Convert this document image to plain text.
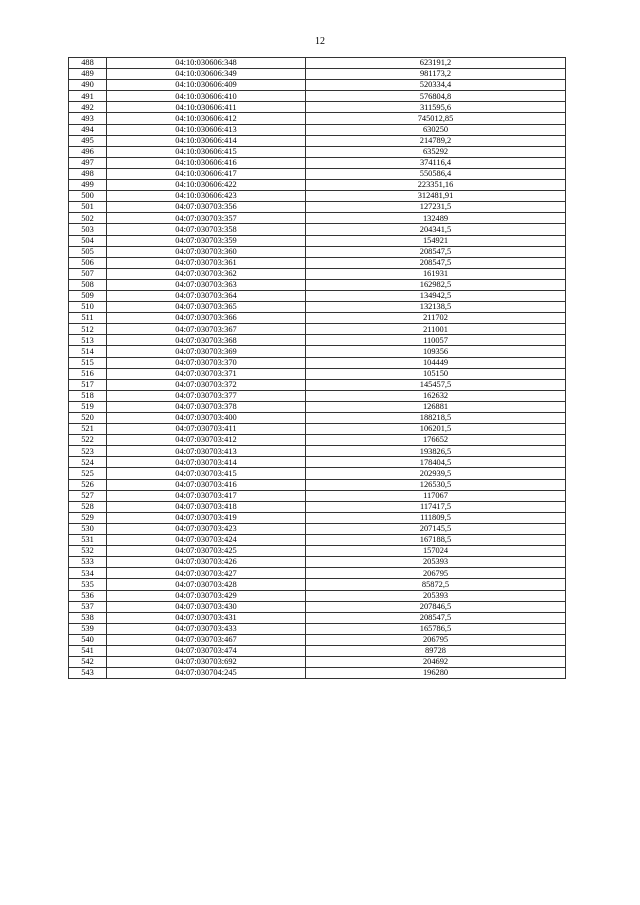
12
488	04:10:030606:348	623191,2
489	04:10:030606:349	981173,2
490	04:10:030606:409	520334,4
491	04:10:030606:410	576804,8
492	04:10:030606:411	311595,6
493	04:10:030606:412	745012,85
494	04:10:030606:413	630250
495	04:10:030606:414	214789,2
496	04:10:030606:415	635292
497	04:10:030606:416	374116,4
498	04:10:030606:417	550586,4
499	04:10:030606:422	223351,16
500	04:10:030606:423	312481,91
501	04:07:030703:356	127231,5
502	04:07:030703:357	132489
503	04:07:030703:358	204341,5
504	04:07:030703:359	154921
505	04:07:030703:360	208547,5
506	04:07:030703:361	208547,5
507	04:07:030703:362	161931
508	04:07:030703:363	162982,5
509	04:07:030703:364	134942,5
510	04:07:030703:365	132138,5
511	04:07:030703:366	211702
512	04:07:030703:367	211001
513	04:07:030703:368	110057
514	04:07:030703:369	109356
515	04:07:030703:370	104449
516	04:07:030703:371	105150
517	04:07:030703:372	145457,5
518	04:07:030703:377	162632
519	04:07:030703:378	126881
520	04:07:030703:400	188218,5
521	04:07:030703:411	106201,5
522	04:07:030703:412	176652
523	04:07:030703:413	193826,5
524	04:07:030703:414	178404,5
525	04:07:030703:415	202939,5
526	04:07:030703:416	126530,5
527	04:07:030703:417	117067
528	04:07:030703:418	117417,5
529	04:07:030703:419	111809,5
530	04:07:030703:423	207145,5
531	04:07:030703:424	167188,5
532	04:07:030703:425	157024
533	04:07:030703:426	205393
534	04:07:030703:427	206795
535	04:07:030703:428	85872,5
536	04:07:030703:429	205393
537	04:07:030703:430	207846,5
538	04:07:030703:431	208547,5
539	04:07:030703:433	165786,5
540	04:07:030703:467	206795
541	04:07:030703:474	89728
542	04:07:030703:692	204692
543	04:07:030704:245	196280
